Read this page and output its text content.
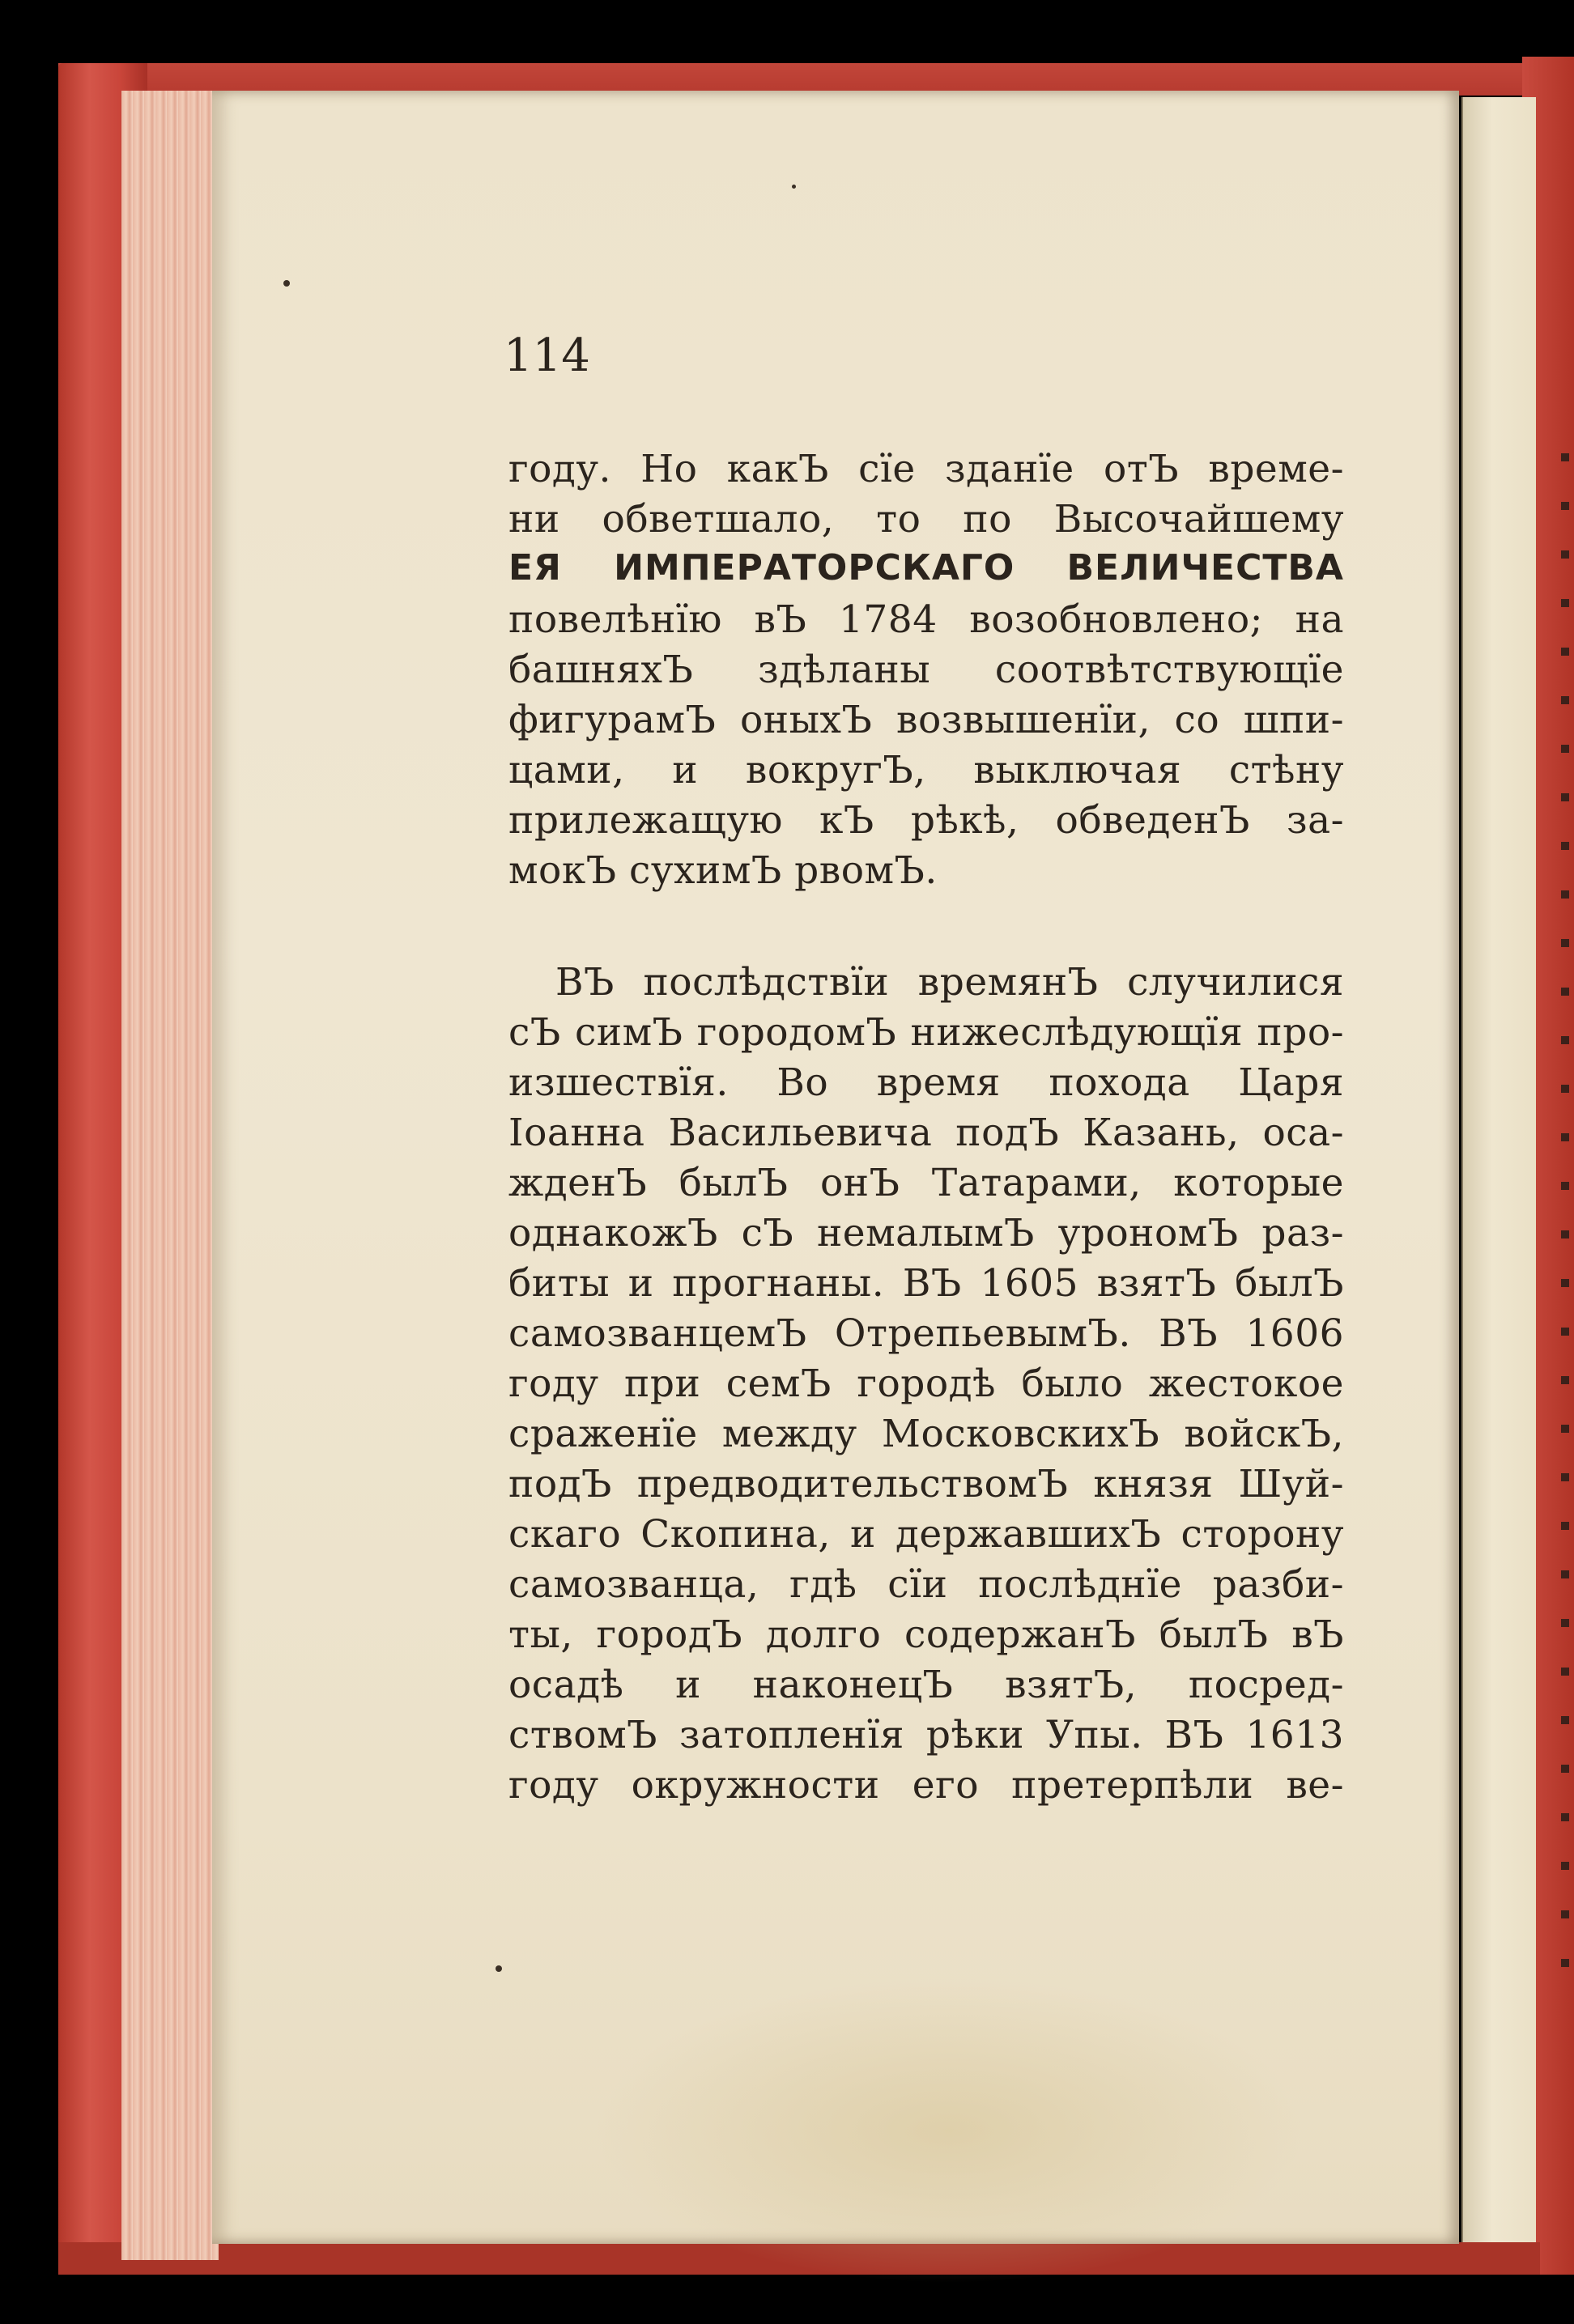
114
году. Но какЪ сїе зданїе отЪ време-
ни обветшало, то по Высочайшему
ЕЯ ИМПЕРАТОРСКАГО ВЕЛИЧЕСТВА
повелѣнїю вЪ 1784 возобновлено; на
башняхЪ здѣланы соотвѣтствующїе
фигурамЪ оныхЪ возвышенїи, со шпи-
цами, и вокругЪ, выключая стѣну
прилежащую кЪ рѣкѣ, обведенЪ за-
мокЪ сухимЪ рвомЪ.
ВЪ послѣдствїи времянЪ случилися
сЪ симЪ городомЪ нижеслѣдующїя про-
изшествїя. Во время похода Царя
Іоанна Васильевича подЪ Казань, оса-
жденЪ былЪ онЪ Татарами, которые
однакожЪ сЪ немалымЪ урономЪ раз-
биты и прогнаны. ВЪ 1605 взятЪ былЪ
самозванцемЪ ОтрепьевымЪ. ВЪ 1606
году при семЪ городѣ было жестокое
сраженїе между МосковскихЪ войскЪ,
подЪ предводительствомЪ князя Шуй-
скаго Скопина, и державшихЪ сторону
самозванца, гдѣ сїи послѣднїе разби-
ты, городЪ долго содержанЪ былЪ вЪ
осадѣ и наконецЪ взятЪ, посред-
ствомЪ затопленїя рѣки Упы. ВЪ 1613
году окружности его претерпѣли ве-
